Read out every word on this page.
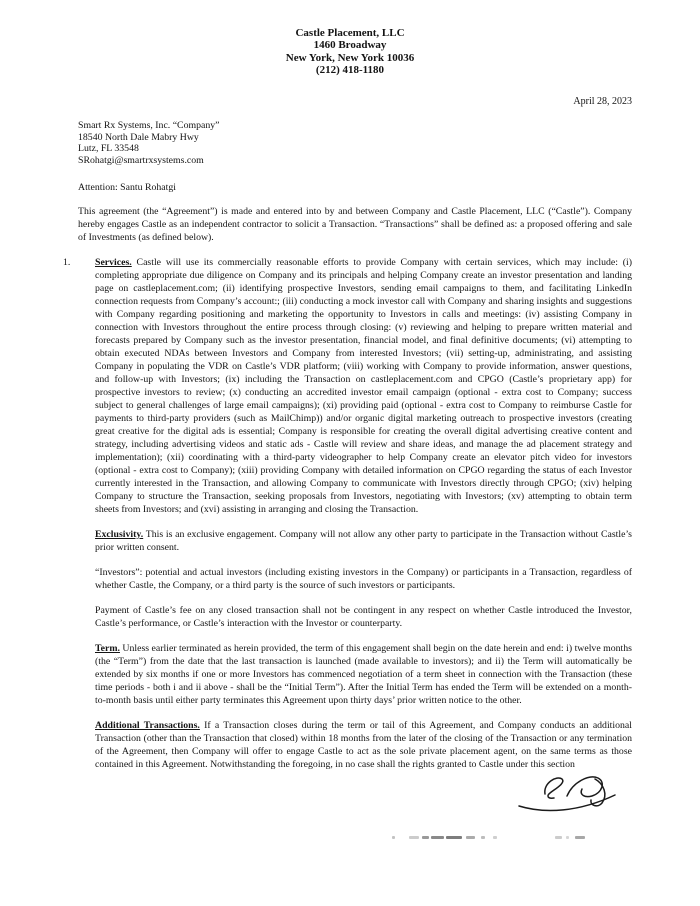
Castle Placement, LLC
1460 Broadway
New York, New York 10036
(212) 418-1180
April 28, 2023
Smart Rx Systems, Inc. “Company”
18540 North Dale Mabry Hwy
Lutz, FL 33548
SRohatgi@smartrxsystems.com
Attention: Santu Rohatgi

This agreement (the “Agreement”) is made and entered into by and between Company and Castle Placement, LLC (“Castle”). Company hereby engages Castle as an independent contractor to solicit a Transaction. “Transactions” shall be defined as: a proposed offering and sale of Investments (as defined below).

1.	Services. Castle will use its commercially reasonable efforts to provide Company with certain services, which may include: (i) completing appropriate due diligence on Company and its principals and helping Company create an investor presentation and landing page on castleplacement.com; (ii) identifying prospective Investors, sending email campaigns to them, and facilitating LinkedIn connection requests from Company’s account:; (iii) conducting a mock investor call with Company and sharing insights and suggestions with Company regarding positioning and marketing the opportunity to Investors in calls and meetings: (iv) assisting Company in connection with Investors throughout the entire process through closing: (v) reviewing and helping to prepare written material and forecasts prepared by Company such as the investor presentation, financial model, and final definitive documents; (vi) attempting to obtain executed NDAs between Investors and Company from interested Investors; (vii) setting-up, administrating, and assisting Company in populating the VDR on Castle’s VDR platform; (viii) working with Company to provide information, answer questions, and follow-up with Investors; (ix) including the Transaction on castleplacement.com and CPGO (Castle’s proprietary app) for prospective investors to review; (x) conducting an accredited investor email campaign (optional - extra cost to Company; success subject to general challenges of large email campaigns); (xi) providing paid (optional - extra cost to Company to reimburse Castle for payments to third-party providers (such as MailChimp)) and/or organic digital marketing outreach to prospective investors (creating great creative for the digital ads is essential; Company is responsible for creating the overall digital advertising creative content and strategy, including advertising videos and static ads - Castle will review and share ideas, and manage the ad placement strategy and implementation); (xii) coordinating with a third-party videographer to help Company create an elevator pitch video for investors (optional - extra cost to Company); (xiii) providing Company with detailed information on CPGO regarding the status of each Investor currently interested in the Transaction, and allowing Company to communicate with Investors directly through CPGO; (xiv) helping Company to structure the Transaction, seeking proposals from Investors, negotiating with Investors; (xv) attempting to obtain term sheets from Investors; and (xvi) assisting in arranging and closing the Transaction.

Exclusivity. This is an exclusive engagement. Company will not allow any other party to participate in the Transaction without Castle’s prior written consent.

“Investors”: potential and actual investors (including existing investors in the Company) or participants in a Transaction, regardless of whether Castle, the Company, or a third party is the source of such investors or participants.

Payment of Castle’s fee on any closed transaction shall not be contingent in any respect on whether Castle introduced the Investor, Castle’s performance, or Castle’s interaction with the Investor or counterparty.

Term. Unless earlier terminated as herein provided, the term of this engagement shall begin on the date herein and end: i) twelve months (the “Term”) from the date that the last transaction is launched (made available to investors); and ii) the Term will automatically be extended by six months if one or more Investors has commenced negotiation of a term sheet in connection with the Transaction (these time periods - both i and ii above - shall be the “Initial Term”). After the Initial Term has ended the Term will be extended on a month-to-month basis until either party terminates this Agreement upon thirty days’ prior written notice to the other.

Additional Transactions. If a Transaction closes during the term or tail of this Agreement, and Company conducts an additional Transaction (other than the Transaction that closed) within 18 months from the later of the closing of the Transaction or any termination of the Agreement, then Company will offer to engage Castle to act as the sole private placement agent, on the same terms as those contained in this Agreement. Notwithstanding the foregoing, in no case shall the rights granted to Castle under this section
